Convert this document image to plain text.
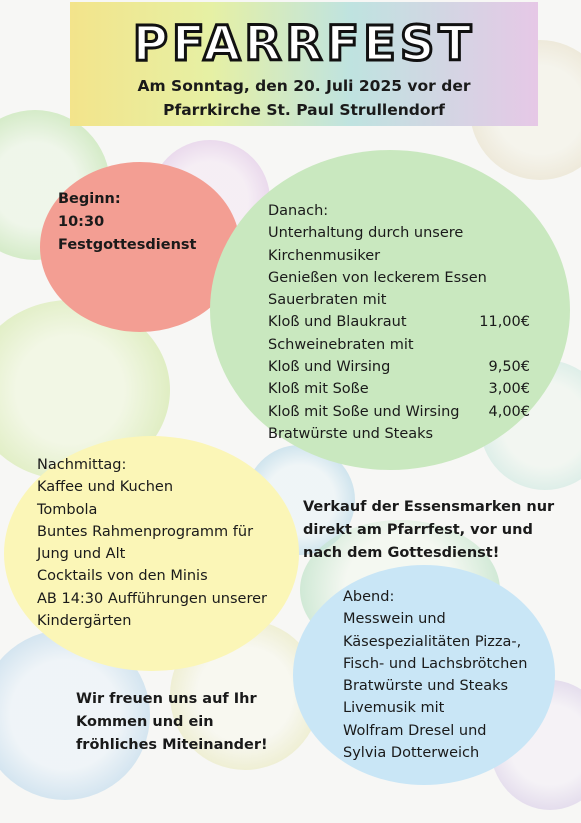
PFARRFEST
Am Sonntag, den 20. Juli 2025 vor der
Pfarrkirche St. Paul Strullendorf
Beginn:
10:30
Festgottesdienst
Danach:
Unterhaltung durch unsere
Kirchenmusiker
Genießen von leckerem Essen
Sauerbraten mit
Kloß und Blaukraut	11,00€
Schweinebraten mit
Kloß und Wirsing	9,50€
Kloß mit Soße	3,00€
Kloß mit Soße und Wirsing 4,00€
Bratwürste und Steaks
Nachmittag:
Kaffee und Kuchen
Tombola
Buntes Rahmenprogramm für
Jung und Alt
Cocktails von den Minis
AB 14:30 Aufführungen unserer
Kindergärten
Verkauf der Essensmarken nur
direkt am Pfarrfest, vor und
nach dem Gottesdienst!
Abend:
Messwein und
Käsespezialitäten Pizza-,
Fisch- und Lachsbrötchen
Bratwürste und Steaks
Livemusik mit
Wolfram Dresel und
Sylvia Dotterweich
Wir freuen uns auf Ihr
Kommen und ein
fröhliches Miteinander!
